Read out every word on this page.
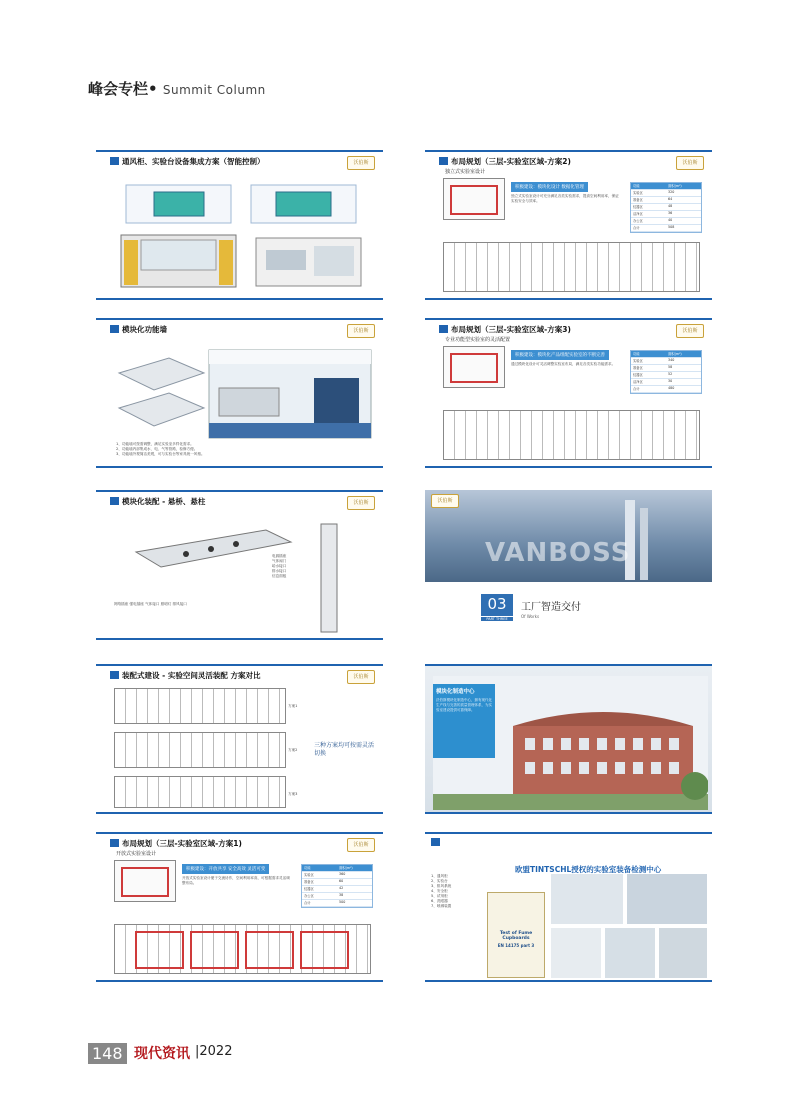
峰会专栏• Summit Column
通风柜、实验台设备集成方案（智能控制）	沃伯斯	布局规划（三层-实验室区域-方案2)
独立式实验室设计
沃伯斯
积极建设：模块化设计 数据化管理
独立式实验室设计可充分满足各类实验需求，提高空间利用率，保证实验安全与效率。
功能	面积(m²)
实验区	320
准备区	64
仪器区	48
洁净区	36
办公区	40
合计	508
模块化功能墙	沃伯斯
1、功能墙可按需调整，满足实验室多样化需求。
2、功能墙内部集成水、电、气等管路，检修方便。
3、功能墙外观简洁美观，可与实验台等家具统一风格。
布局规划（三层-实验室区域-方案3)
专业功能型实验室的灵活配置
沃伯斯
积极建设：模块化产品组配实验室的不断完善
通过模块化设计可灵活调整实验室布局，满足各类实验功能需求。
功能	面积(m²)
实验区	340
准备区	58
仪器区	52
洁净区	30
合计	480
模块化装配 - 悬桥、悬柱	沃伯斯
网络插座 强电插座 气体接口 照明灯 排风接口
电源插座
气体阀门
给水接口
排水接口
信息面板
VANBOSS
沃伯斯
03
PART THREE
工厂智造交付
Of Works
装配式建设 - 实验空间灵活装配 方案对比	沃伯斯
方案1
方案2
方案3
三种方案均可按需灵活切换
模块化制造中心
沃伯斯模块化制造中心，拥有现代化生产线与完善的质量管理体系，为实验室建设提供可靠保障。
布局规划（三层-实验室区域-方案1)
开放式实验室设计
沃伯斯
积极建设：开放共享 安全高效 灵活可变
开放式实验室设计便于交流协作，空间利用率高，可根据需求灵活调整布局。
功能	面积(m²)
实验区	360
准备区	60
仪器区	42
办公区	38
合计	500
欧盟TINTSCHL授权的实验室装备检测中心
1、通风柜
2、实验台
3、排风系统
4、安全柜
5、试剂柜
6、洗眼器
7、喷淋装置
Test of Fume Cupboards
EN 14175 part 3
148 现代资讯 |2022
